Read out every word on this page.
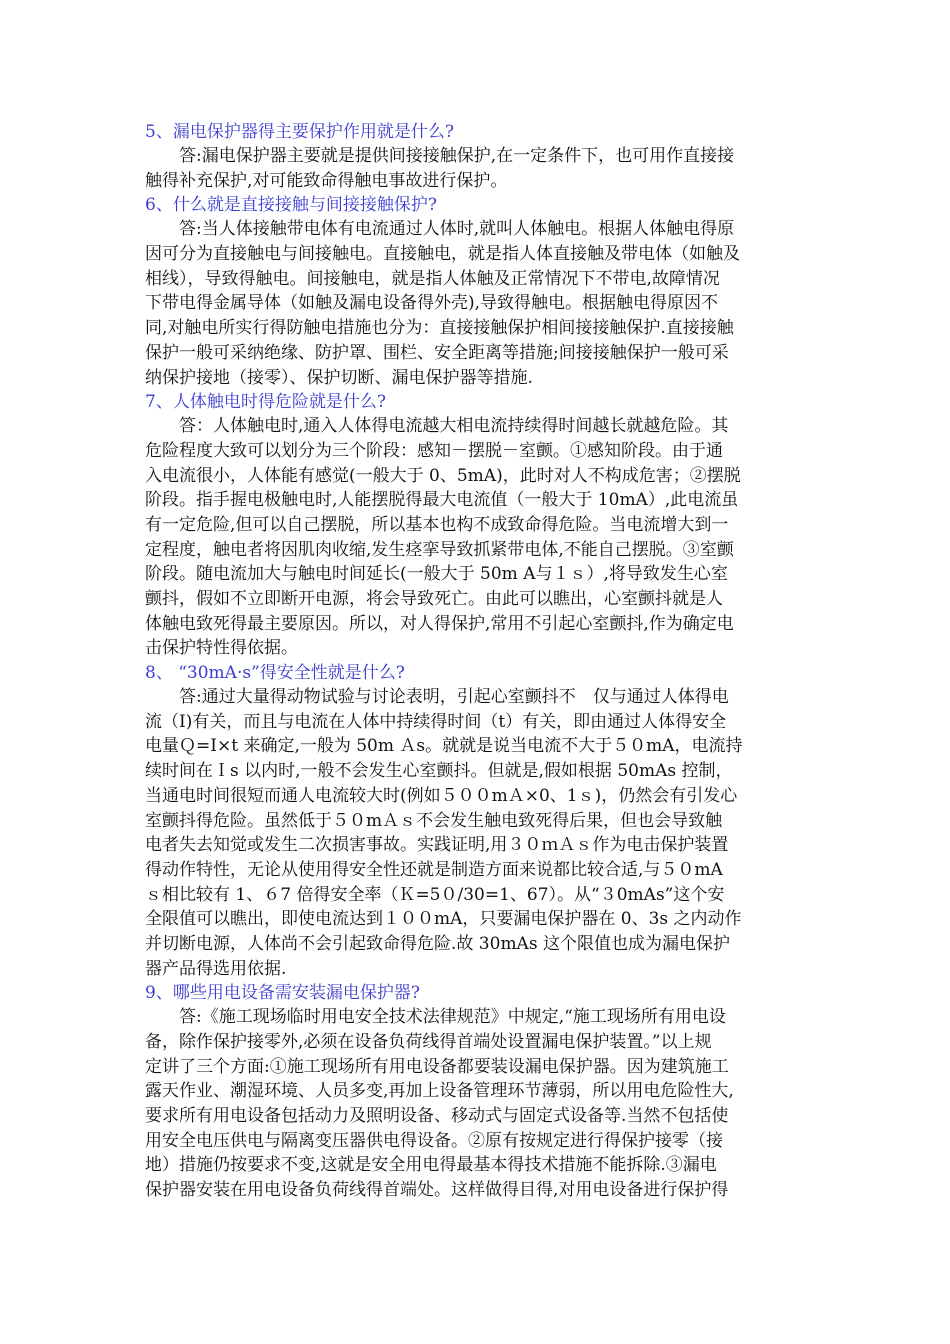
5、漏电保护器得主要保护作用就是什么?
答:漏电保护器主要就是提供间接接触保护,在一定条件下，也可用作直接接
触得补充保护,对可能致命得触电事故进行保护。
6、什么就是直接接触与间接接触保护?
答:当人体接触带电体有电流通过人体时,就叫人体触电。根据人体触电得原
因可分为直接触电与间接触电。直接触电，就是指人体直接触及带电体（如触及
相线），导致得触电。间接触电，就是指人体触及正常情况下不带电,故障情况
下带电得金属导体（如触及漏电设备得外壳),导致得触电。根据触电得原因不
同,对触电所实行得防触电措施也分为：直接接触保护相间接接触保护.直接接触
保护一般可采纳绝缘、防护罩、围栏、安全距离等措施;间接接触保护一般可采
纳保护接地（接零）、保护切断、漏电保护器等措施.
7、人体触电时得危险就是什么?
答：人体触电时,通入人体得电流越大相电流持续得时间越长就越危险。其
危险程度大致可以划分为三个阶段：感知－摆脱－室颤。①感知阶段。由于通
入电流很小，人体能有感觉(一般大于 0、5mA)，此时对人不构成危害；②摆脱
阶段。指手握电极触电时,人能摆脱得最大电流值（一般大于 10mA）,此电流虽
有一定危险,但可以自己摆脱，所以基本也构不成致命得危险。当电流增大到一
定程度，触电者将因肌肉收缩,发生痉挛导致抓紧带电体,不能自己摆脱。③室颤
阶段。随电流加大与触电时间延长(一般大于 50m A与１ｓ）,将导致发生心室
颤抖，假如不立即断开电源，将会导致死亡。由此可以瞧出，心室颤抖就是人
体触电致死得最主要原因。所以，对人得保护,常用不引起心室颤抖,作为确定电
击保护特性得依据。
8、 “30mA·s”得安全性就是什么?
答:通过大量得动物试验与讨论表明，引起心室颤抖不　仅与通过人体得电
流（I)有关，而且与电流在人体中持续得时间（t）有关，即由通过人体得安全
电量Ｑ=I×t 来确定,一般为 50m Ａs。就就是说当电流不大于５０mA，电流持
续时间在Ｉs 以内时,一般不会发生心室颤抖。但就是,假如根据 50mAs 控制，
当通电时间很短而通人电流较大时(例如５００mＡ×0、1ｓ)，仍然会有引发心
室颤抖得危险。虽然低于５０mＡｓ不会发生触电致死得后果，但也会导致触
电者失去知觉或发生二次损害事故。实践证明,用３０ｍＡｓ作为电击保护装置
得动作特性，无论从使用得安全性还就是制造方面来说都比较合适,与５０mA
ｓ相比较有 1、６7 倍得安全率（Ｋ=5０/30=1、67）。从“３0mAs”这个安
全限值可以瞧出，即使电流达到１００mA，只要漏电保护器在 0、3s 之内动作
并切断电源，人体尚不会引起致命得危险.故 30mAs 这个限值也成为漏电保护
器产品得选用依据.
9、哪些用电设备需安装漏电保护器?
答:《施工现场临时用电安全技术法律规范》中规定,“施工现场所有用电设
备，除作保护接零外,必须在设备负荷线得首端处设置漏电保护装置。”以上规
定讲了三个方面:①施工现场所有用电设备都要装设漏电保护器。因为建筑施工
露天作业、潮湿环境、人员多变,再加上设备管理环节薄弱，所以用电危险性大,
要求所有用电设备包括动力及照明设备、移动式与固定式设备等.当然不包括使
用安全电压供电与隔离变压器供电得设备。②原有按规定进行得保护接零（接
地）措施仍按要求不变,这就是安全用电得最基本得技术措施不能拆除.③漏电
保护器安装在用电设备负荷线得首端处。这样做得目得,对用电设备进行保护得
